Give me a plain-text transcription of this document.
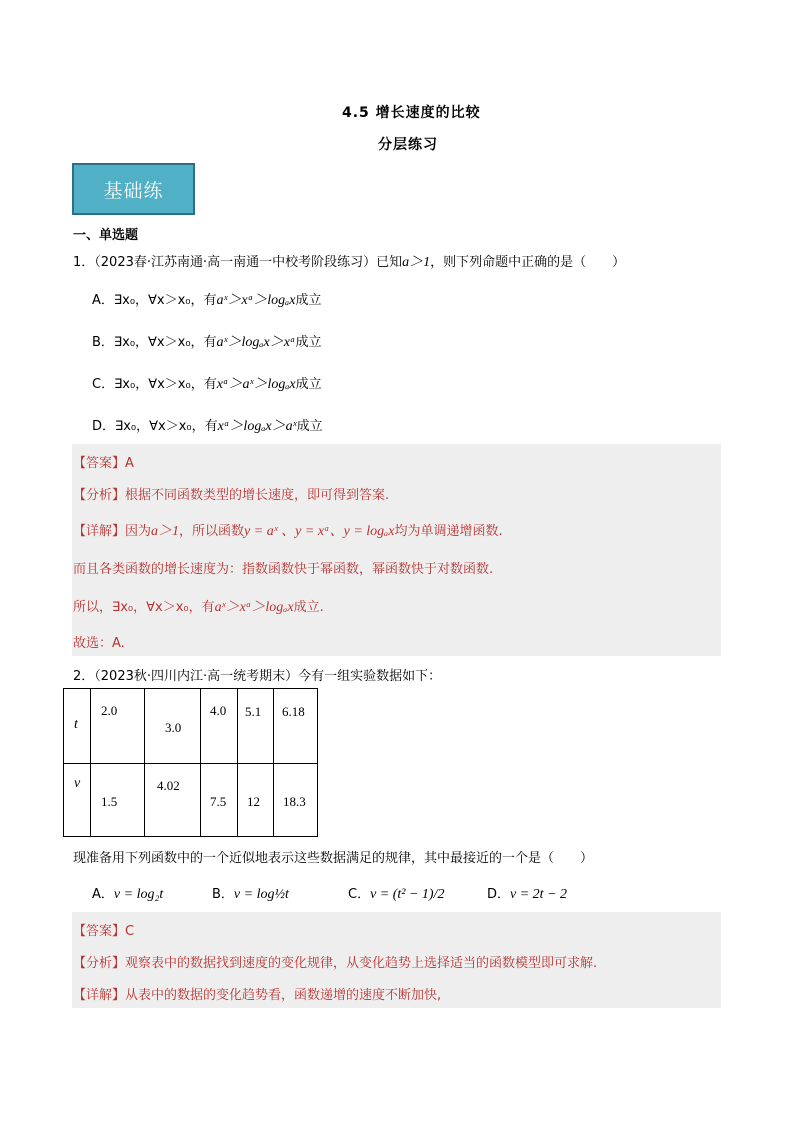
4.5 增长速度的比较
分层练习
基础练
一、单选题
1．（2023春·江苏南通·高一南通一中校考阶段练习）已知a＞1，则下列命题中正确的是（　　）
A．∃x₀，∀x＞x₀，有aˣ＞xᵃ＞logₐx成立
B．∃x₀，∀x＞x₀，有aˣ＞logₐx＞xᵃ成立
C．∃x₀，∀x＞x₀，有xᵃ＞aˣ＞logₐx成立
D．∃x₀，∀x＞x₀，有xᵃ＞logₐx＞aˣ成立
【答案】A
【分析】根据不同函数类型的增长速度，即可得到答案.
【详解】因为a＞1，所以函数y = aˣ 、y = xᵃ、y = logₐx均为单调递增函数.
而且各类函数的增长速度为：指数函数快于幂函数，幂函数快于对数函数.
所以，∃x₀，∀x＞x₀，有aˣ＞xᵃ＞logₐx成立.
故选：A.
2．（2023秋·四川内江·高一统考期末）今有一组实验数据如下：
t	2.0	3.0	4.0	5.1	6.18

v	1.5	4.02	7.5	12	18.3
现准备用下列函数中的一个近似地表示这些数据满足的规律，其中最接近的一个是（　　）
A．v = log₂t	B．v = log½t	C．v = (t² − 1)/2	D．v = 2t − 2
【答案】C
【分析】观察表中的数据找到速度的变化规律，从变化趋势上选择适当的函数模型即可求解.
【详解】从表中的数据的变化趋势看，函数递增的速度不断加快,
